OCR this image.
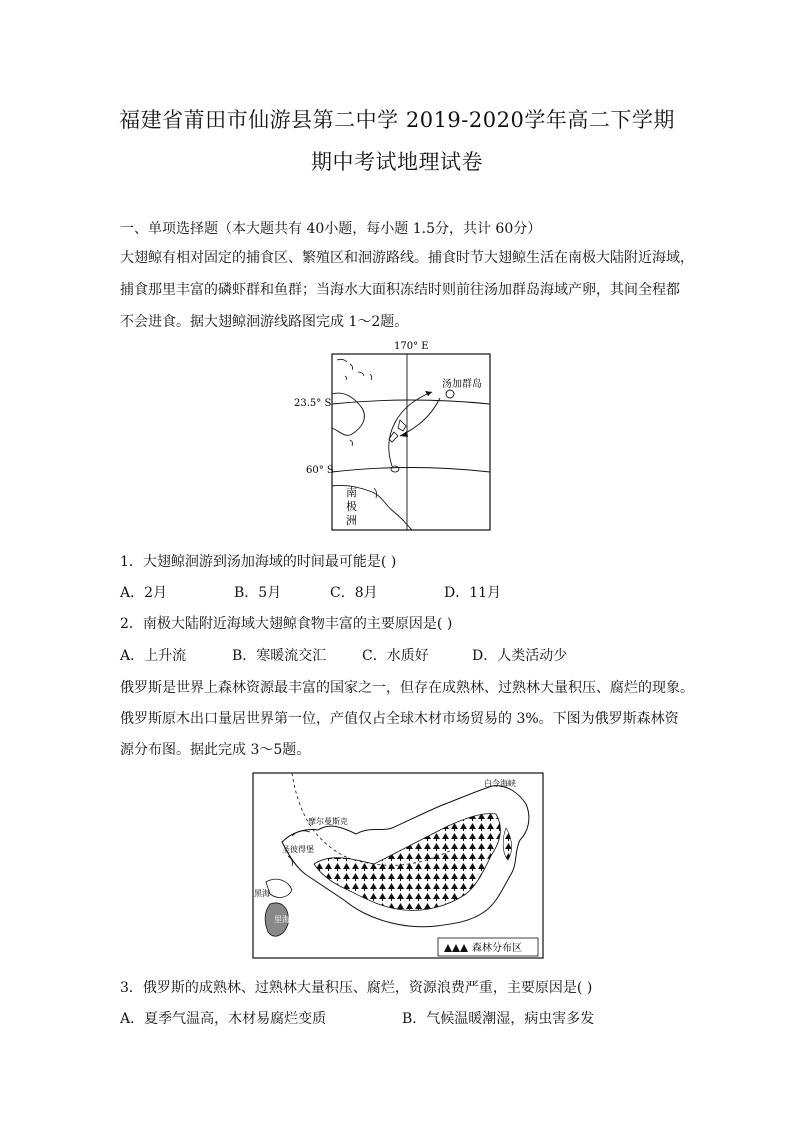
福建省莆田市仙游县第二中学 2019-2020学年高二下学期
期中考试地理试卷
一、单项选择题（本大题共有 40小题，每小题 1.5分，共计 60分）
大翅鲸有相对固定的捕食区、繁殖区和洄游路线。捕食时节大翅鲸生活在南极大陆附近海域，
捕食那里丰富的磷虾群和鱼群；当海水大面积冻结时则前往汤加群岛海域产卵，其间全程都
不会进食。据大翅鲸洄游线路图完成 1～2题。
170° E
23.5° S
60° S
汤加群岛
南
极
洲
1．大翅鲸洄游到汤加海域的时间最可能是( )
A．2月	B．5月	C．8月	D．11月
2．南极大陆附近海域大翅鲸食物丰富的主要原因是( )
A．上升流	B．寒暖流交汇	C．水质好	D．人类活动少
俄罗斯是世界上森林资源最丰富的国家之一，但存在成熟林、过熟林大量积压、腐烂的现象。
俄罗斯原木出口量居世界第一位，产值仅占全球木材市场贸易的 3%。下图为俄罗斯森林资
源分布图。据此完成 3～5题。
摩尔曼斯克
圣彼得堡
黑海
里海
白令海峡
森林分布区
3．俄罗斯的成熟林、过熟林大量积压、腐烂，资源浪费严重，主要原因是( )
A．夏季气温高，木材易腐烂变质	B．气候温暖潮湿，病虫害多发
